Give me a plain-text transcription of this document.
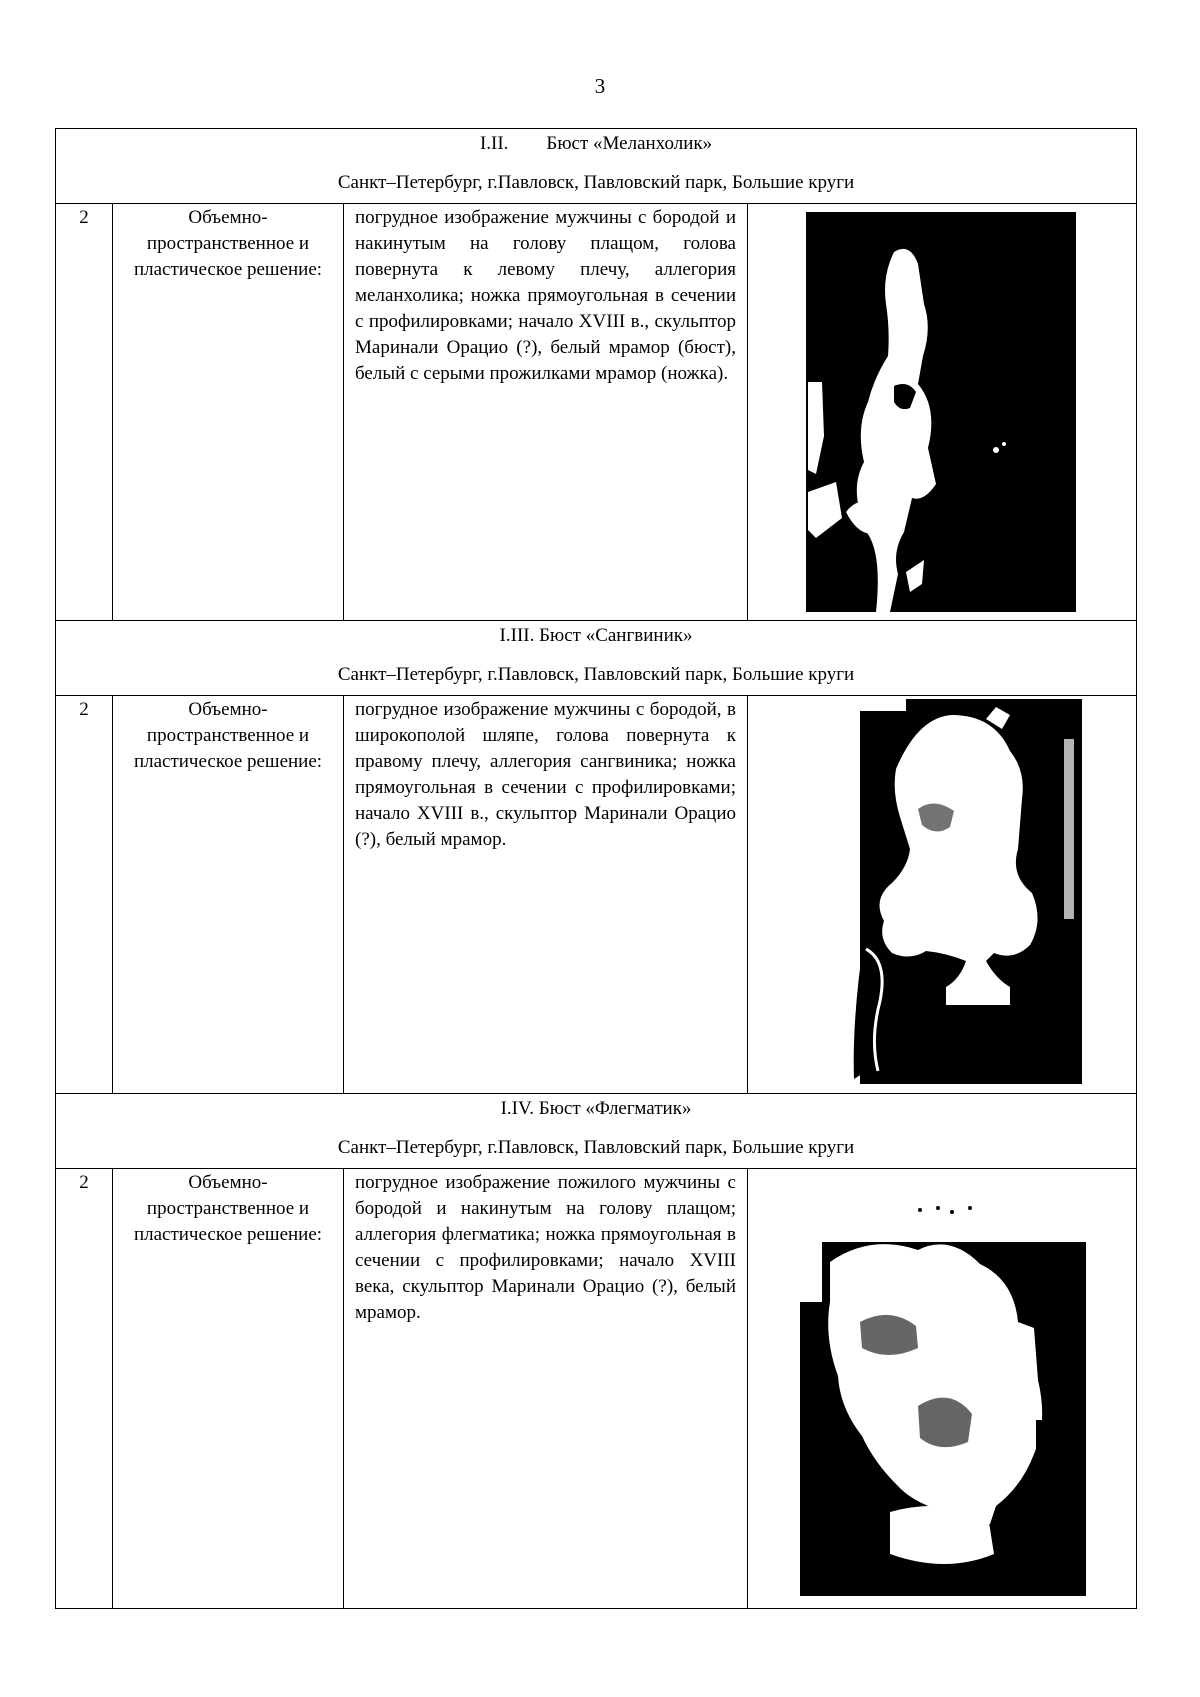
3
I.II.        Бюст «Меланхолик»
Санкт–Петербург, г.Павловск, Павловский парк, Большие круги			

2	Объемно-пространственное и пластическое решение:	погрудное изображение мужчины с бородой и накинутым на голову плащом, голова повернута к левому плечу, аллегория меланхолика; ножка прямоугольная в сечении с профилировками; начало XVIII в., скульптор Маринали Орацио (?), белый мрамор (бюст), белый с серыми прожилками мрамор (ножка).	

I.III. Бюст «Сангвиник»
Санкт–Петербург, г.Павловск, Павловский парк, Большие круги			

2	Объемно-пространственное и пластическое решение:	погрудное изображение мужчины с бородой, в широкополой шляпе, голова повернута к правому плечу, аллегория сангвиника; ножка прямоугольная в сечении с профилировками; начало XVIII в., скульптор Маринали Орацио (?), белый мрамор.	

I.IV. Бюст «Флегматик»
Санкт–Петербург, г.Павловск, Павловский парк, Большие круги			

2	Объемно-пространственное и пластическое решение:	погрудное изображение пожилого мужчины с бородой и накинутым на голову плащом; аллегория флегматика; ножка прямоугольная в сечении с профилировками; начало XVIII века, скульптор Маринали Орацио (?), белый мрамор.	
